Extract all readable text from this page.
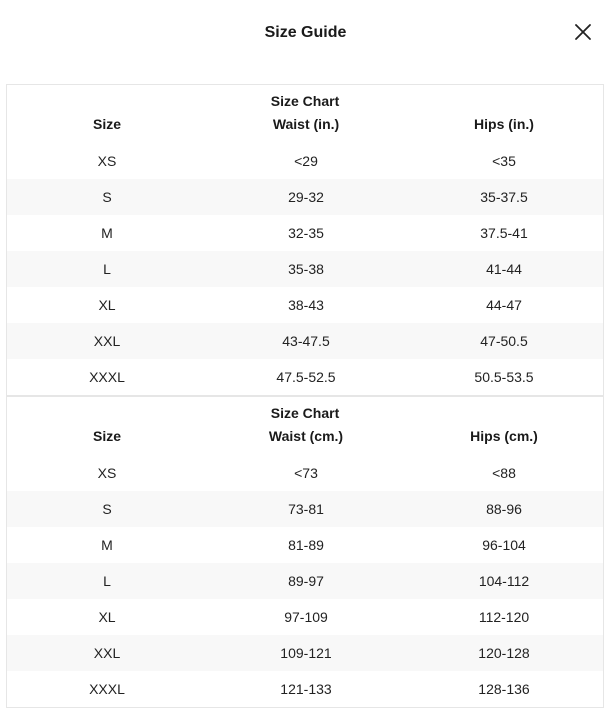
Size Guide
Size Chart
Size	Waist (in.)	Hips (in.)
XS	<29	<35
S	29-32	35-37.5
M	32-35	37.5-41
L	35-38	41-44
XL	38-43	44-47
XXL	43-47.5	47-50.5
XXXL	47.5-52.5	50.5-53.5
Size Chart
Size	Waist (cm.)	Hips (cm.)
XS	<73	<88
S	73-81	88-96
M	81-89	96-104
L	89-97	104-112
XL	97-109	112-120
XXL	109-121	120-128
XXXL	121-133	128-136
